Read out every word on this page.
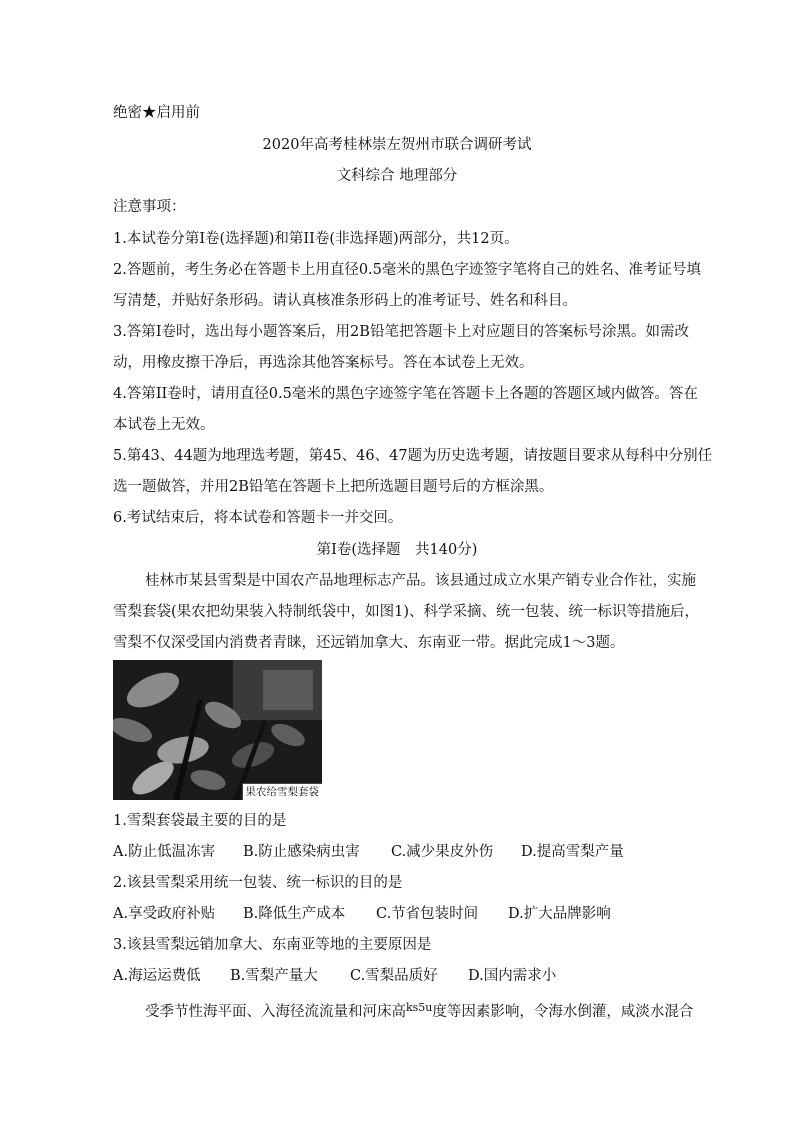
绝密★启用前
2020年高考桂林崇左贺州市联合调研考试
文科综合 地理部分
注意事项：
1.本试卷分第I卷(选择题)和第II卷(非选择题)两部分，共12页。
2.答题前，考生务必在答题卡上用直径0.5毫米的黑色字迹签字笔将自己的姓名、准考证号填
写清楚，并贴好条形码。请认真核准条形码上的准考证号、姓名和科目。
3.答第I卷时，选出每小题答案后，用2B铅笔把答题卡上对应题目的答案标号涂黑。如需改
动，用橡皮擦干净后，再选涂其他答案标号。答在本试卷上无效。
4.答第II卷时，请用直径0.5毫米的黑色字迹签字笔在答题卡上各题的答题区域内做答。答在
本试卷上无效。
5.第43、44题为地理选考题，第45、46、47题为历史选考题，请按题目要求从每科中分别任
选一题做答，并用2B铅笔在答题卡上把所选题目题号后的方框涂黑。
6.考试结束后，将本试卷和答题卡一并交回。
第I卷(选择题　共140分)
桂林市某县雪梨是中国农产品地理标志产品。该县通过成立水果产销专业合作社，实施
雪梨套袋(果农把幼果装入特制纸袋中，如图1)、科学采摘、统一包装、统一标识等措施后，
雪梨不仅深受国内消费者青睐，还远销加拿大、东南亚一带。据此完成1～3题。
果农给雪梨套袋
1.雪梨套袋最主要的目的是
A.防止低温冻害 B.防止感染病虫害 C.减少果皮外伤 D.提高雪梨产量
2.该县雪梨采用统一包装、统一标识的目的是
A.享受政府补贴 B.降低生产成本 C.节省包装时间 D.扩大品牌影响
3.该县雪梨远销加拿大、东南亚等地的主要原因是
A.海运运费低 B.雪梨产量大 C.雪梨品质好 D.国内需求小
受季节性海平面、入海径流流量和河床高$^{ks5u}$度等因素影响，令海水倒灌，咸淡水混合
